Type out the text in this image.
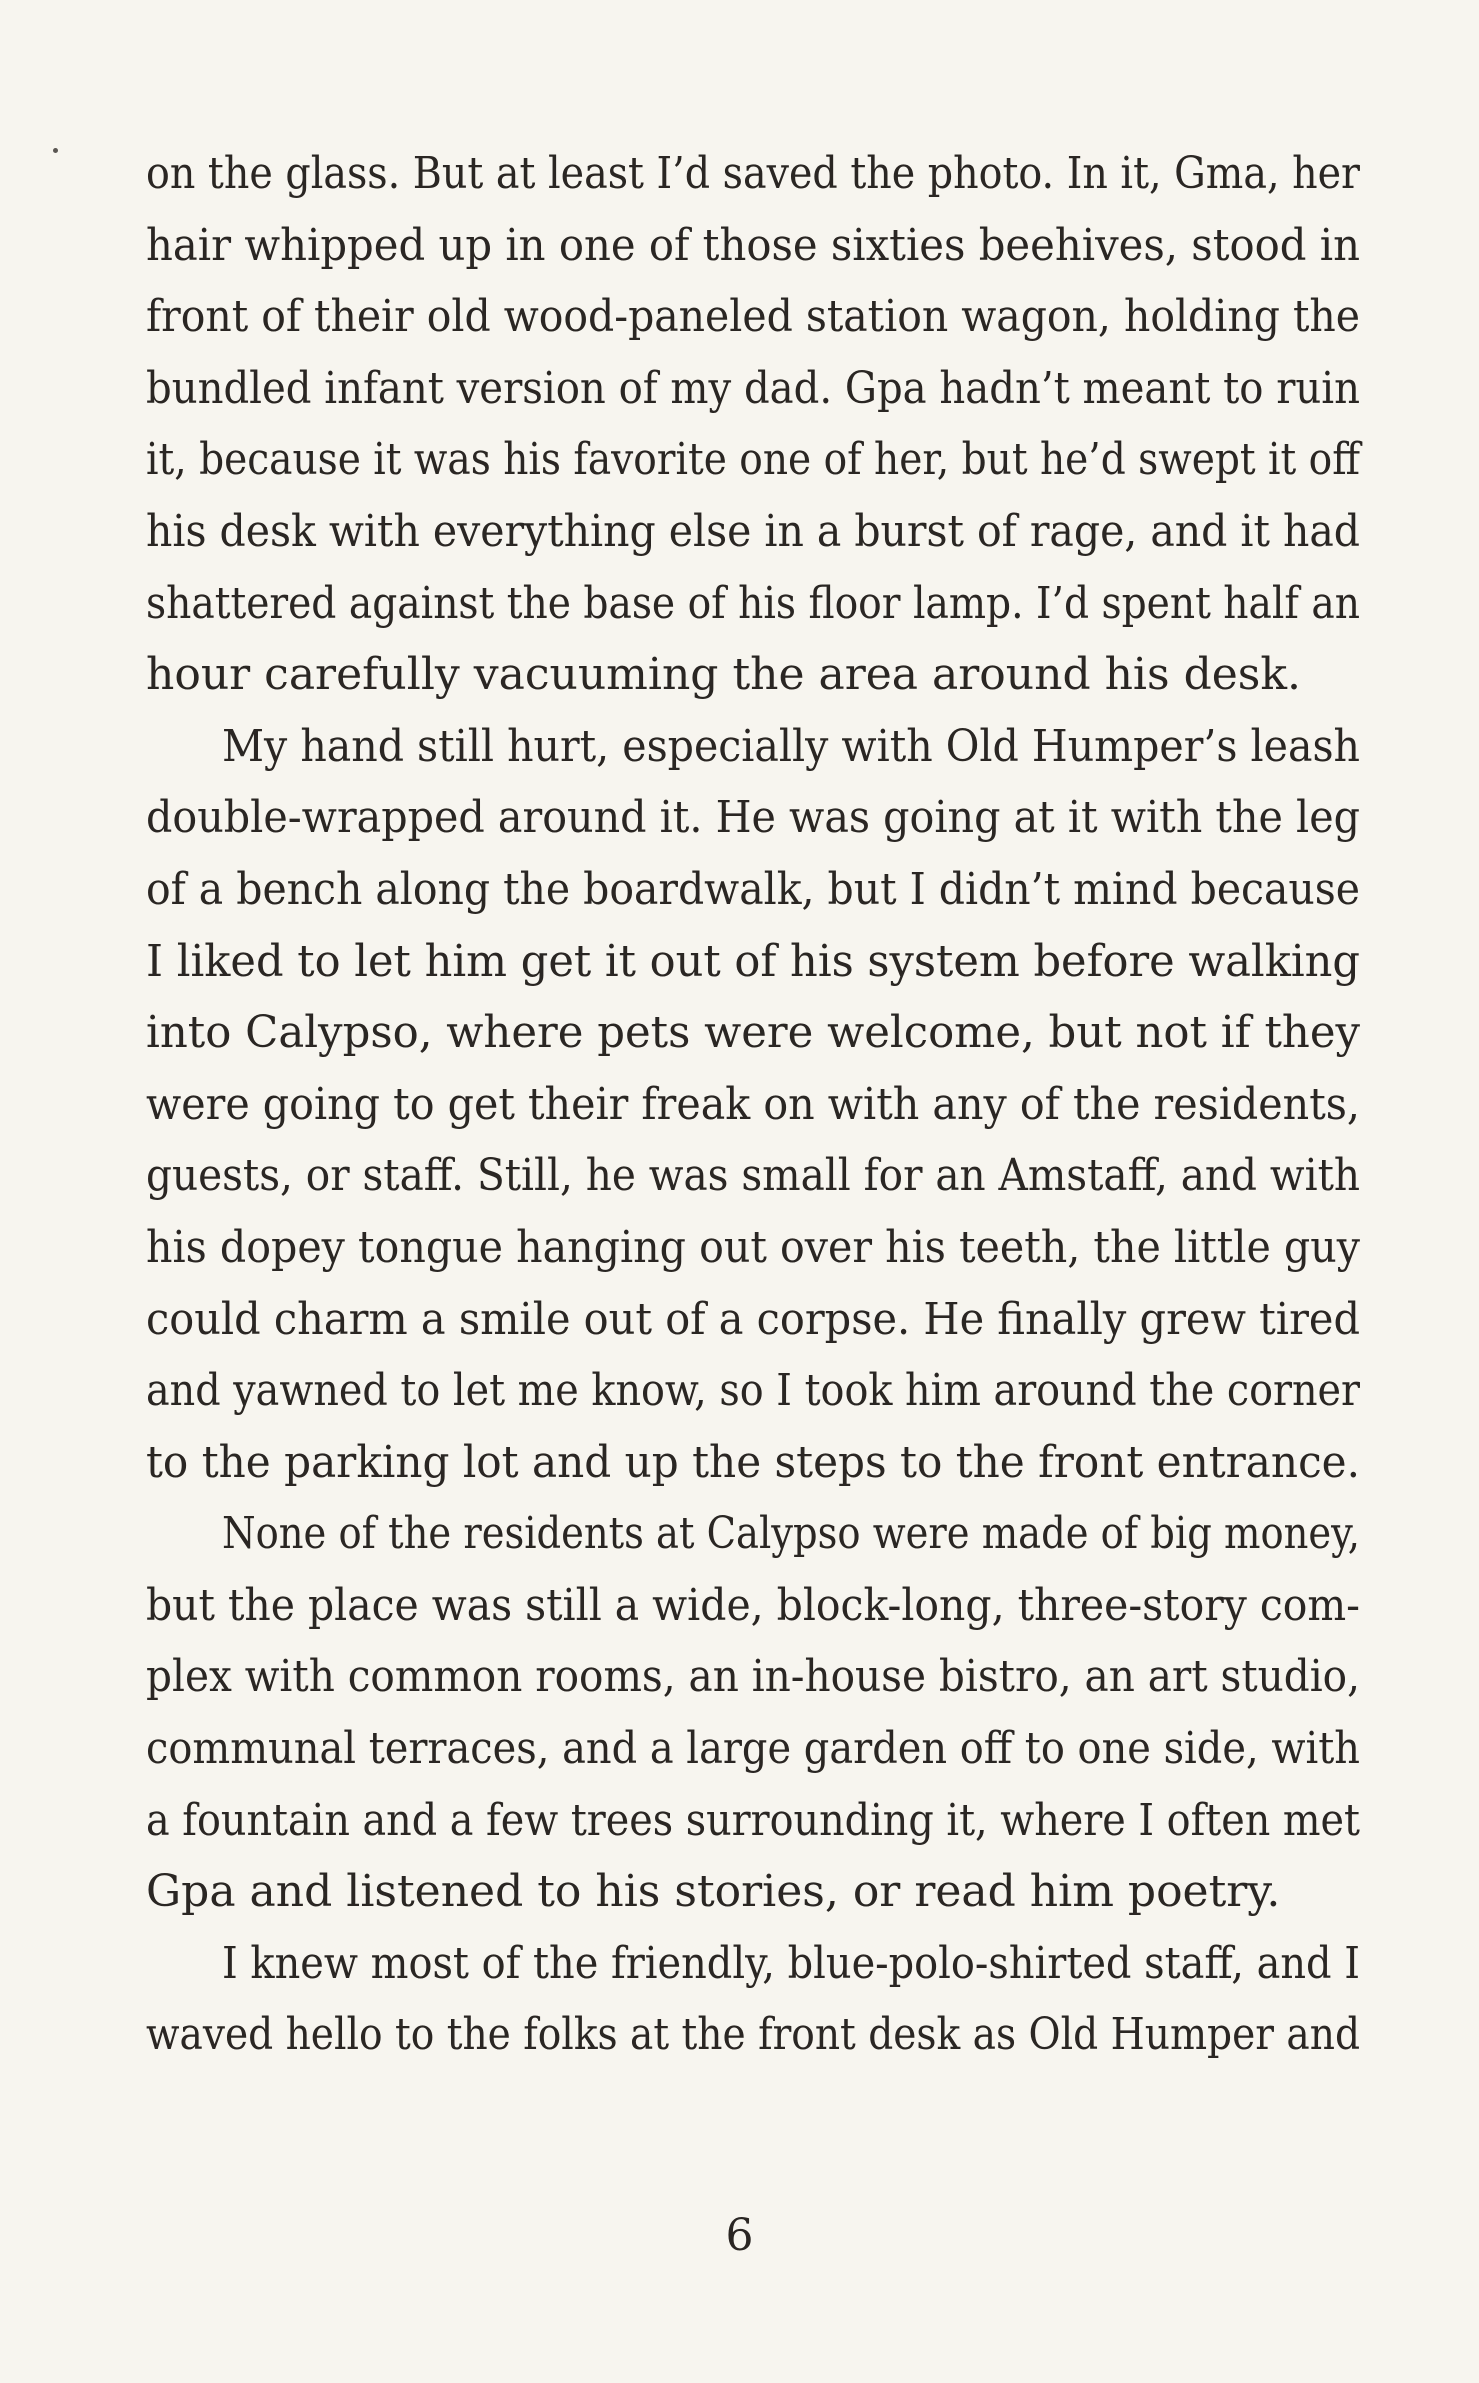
on the glass. But at least I’d saved the photo. In it, Gma, her
hair whipped up in one of those sixties beehives, stood in
front of their old wood-paneled station wagon, holding the
bundled infant version of my dad. Gpa hadn’t meant to ruin
it, because it was his favorite one of her, but he’d swept it off
his desk with everything else in a burst of rage, and it had
shattered against the base of his floor lamp. I’d spent half an
hour carefully vacuuming the area around his desk.
My hand still hurt, especially with Old Humper’s leash
double-wrapped around it. He was going at it with the leg
of a bench along the boardwalk, but I didn’t mind because
I liked to let him get it out of his system before walking
into Calypso, where pets were welcome, but not if they
were going to get their freak on with any of the residents,
guests, or staff. Still, he was small for an Amstaff, and with
his dopey tongue hanging out over his teeth, the little guy
could charm a smile out of a corpse. He finally grew tired
and yawned to let me know, so I took him around the corner
to the parking lot and up the steps to the front entrance.
None of the residents at Calypso were made of big money,
but the place was still a wide, block-long, three-story com-
plex with common rooms, an in-house bistro, an art studio,
communal terraces, and a large garden off to one side, with
a fountain and a few trees surrounding it, where I often met
Gpa and listened to his stories, or read him poetry.
I knew most of the friendly, blue-polo-shirted staff, and I
waved hello to the folks at the front desk as Old Humper and
6
